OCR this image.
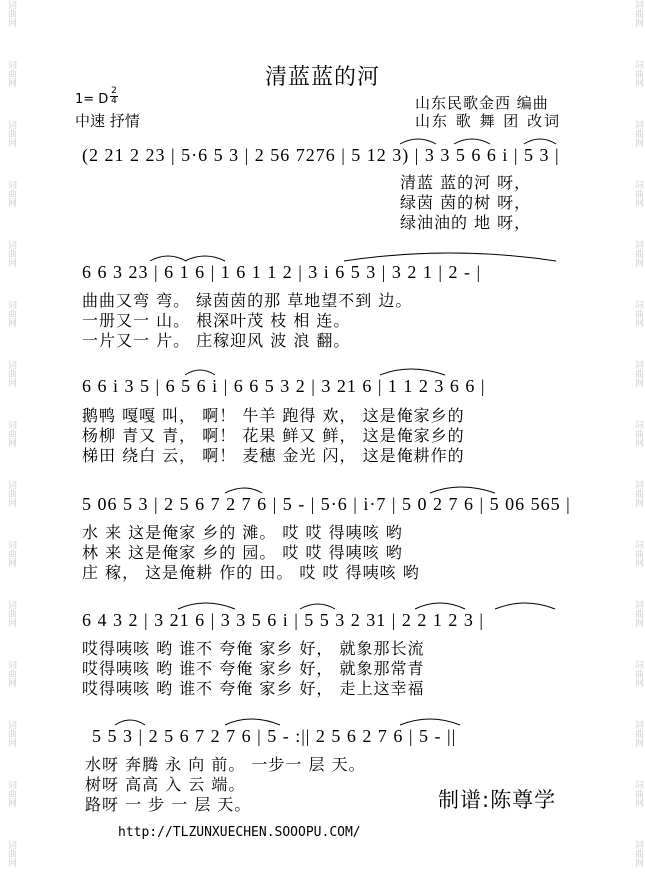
词曲网
词曲网
词曲网
词曲网
词曲网
词曲网
词曲网
词曲网
词曲网
词曲网
词曲网
词曲网
词曲网
词曲网
词曲网
词曲网
词曲网
词曲网
词曲网
词曲网
词曲网
词曲网
词曲网
词曲网
词曲网
词曲网
词曲网
词曲网
词曲网
词曲网
清蓝蓝的河
1= D
2
4
中速 抒情
山东民歌金西 编曲
山东 歌 舞 团 改词
(2 21 2 23 | 5·6 5 3 | 2 56 7276 | 5 12 3) | 3 3 5 6 6 i | 5 3 |
清蓝 蓝的河 呀，
绿茵 茵的树 呀，
绿油油的 地 呀，
6 6 3 23 | 6 1 6 | 1 6 1 1 2 | 3 i 6 5 3 | 3 2 1 | 2 - |
曲曲又弯 弯。 绿茵茵的那 草地望不到 边。
一册又一 山。 根深叶茂 枝 相 连。
一片又一 片。 庄稼迎风 波 浪 翻。
6 6 i 3 5 | 6 5 6 i | 6 6 5 3 2 | 3 21 6 | 1 1 2 3 6 6 |
鹅鸭 嘎嘎 叫， 啊！ 牛羊 跑得 欢， 这是俺家乡的
杨柳 青又 青， 啊！ 花果 鲜又 鲜， 这是俺家乡的
梯田 绕白 云， 啊！ 麦穗 金光 闪， 这是俺耕作的
5 06 5 3 | 2 5 6 7 2 7 6 | 5 - | 5·6 | i·7 | 5 0 2 7 6 | 5 06 565 |
水 来 这是俺家 乡的 滩。 哎 哎 得咦咳 哟
林 来 这是俺家 乡的 园。 哎 哎 得咦咳 哟
庄 稼， 这是俺耕 作的 田。 哎 哎 得咦咳 哟
6 4 3 2 | 3 21 6 | 3 3 5 6 i | 5 5 3 2 31 | 2 2 1 2 3 |
哎得咦咳 哟 谁不 夸俺 家乡 好， 就象那长流
哎得咦咳 哟 谁不 夸俺 家乡 好， 就象那常青
哎得咦咳 哟 谁不 夸俺 家乡 好， 走上这幸福
5 5 3 | 2 5 6 7 2 7 6 | 5 - :|| 2 5 6 2 7 6 | 5 - ||
水呀 奔腾 永 向 前。 一步一 层 天。
树呀 高高 入 云 端。
路呀 一 步 一 层 天。	制谱:陈尊学
http://TLZUNXUECHEN.SOOOPU.COM/
